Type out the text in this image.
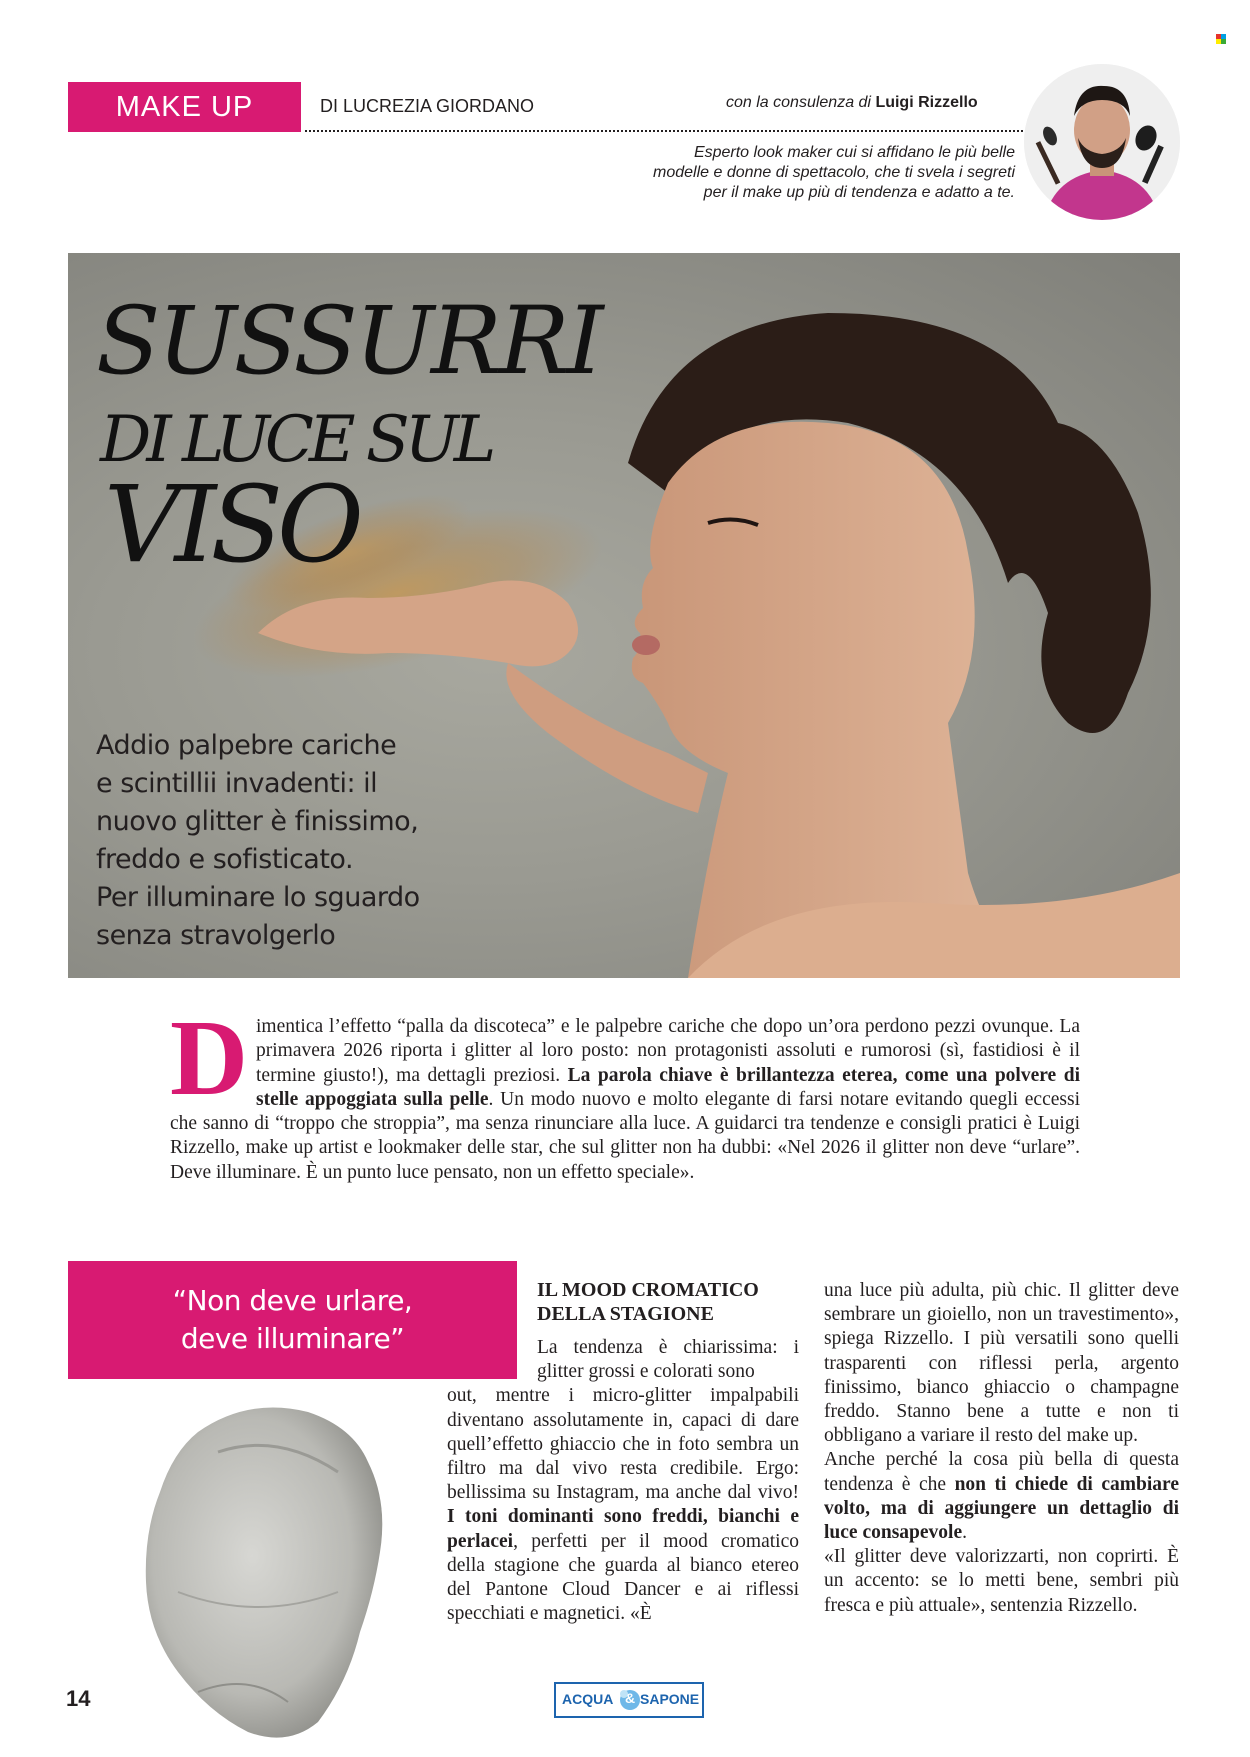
MAKE UP	DI LUCREZIA GIORDANO	con la consulenza di Luigi Rizzello
Esperto look maker cui si affidano le più belle
modelle e donne di spettacolo, che ti svela i segreti
per il make up più di tendenza e adatto a te.
SUSSURRI
DI LUCE SUL
VISO
Addio palpebre cariche
e scintillii invadenti: il
nuovo glitter è finissimo,
freddo e sofisticato.
Per illuminare lo sguardo
senza stravolgerlo
Dimentica l’effetto “palla da discoteca” e le palpebre cariche che dopo un’ora perdono pezzi ovunque. La primavera 2026 riporta i glitter al loro posto: non protagonisti assoluti e rumorosi (sì, fastidiosi è il termine giusto!), ma dettagli preziosi. La parola chiave è brillantezza eterea, come una polvere di stelle appoggiata sulla pelle. Un modo nuovo e molto elegante di farsi notare evitando quegli eccessi che sanno di “troppo che stroppia”, ma senza rinunciare alla luce. A guidarci tra tendenze e consigli pratici è Luigi Rizzello, make up artist e lookmaker delle star, che sul glitter non ha dubbi: «Nel 2026 il glitter non deve “urlare”. Deve illuminare. È un punto luce pensato, non un effetto speciale».
“Non deve urlare,
deve illuminare”
IL MOOD CROMATICO
DELLA STAGIONE

La tendenza è chiarissima: i glitter grossi e colorati sono

out, mentre i micro-glitter impalpabili diventano assolutamente in, capaci di dare quell’effetto ghiaccio che in foto sembra un filtro ma dal vivo resta credibile. Ergo: bellissima su Instagram, ma anche dal vivo! I toni dominanti sono freddi, bianchi e perlacei, perfetti per il mood cromatico della stagione che guarda al bianco etereo del Pantone Cloud Dancer e ai riflessi specchiati e magnetici. «È

una luce più adulta, più chic. Il glitter deve sembrare un gioiello, non un travestimento», spiega Rizzello. I più versatili sono quelli trasparenti con riflessi perla, argento finissimo, bianco ghiaccio o champagne freddo. Stanno bene a tutte e non ti obbligano a variare il resto del make up.

Anche perché la cosa più bella di questa tendenza è che non ti chiede di cambiare volto, ma di aggiungere un dettaglio di luce consapevole.

«Il glitter deve valorizzarti, non coprirti. È un accento: se lo metti bene, sembri più fresca e più attuale», sentenzia Rizzello.

14	ACQUA & SAPONE
